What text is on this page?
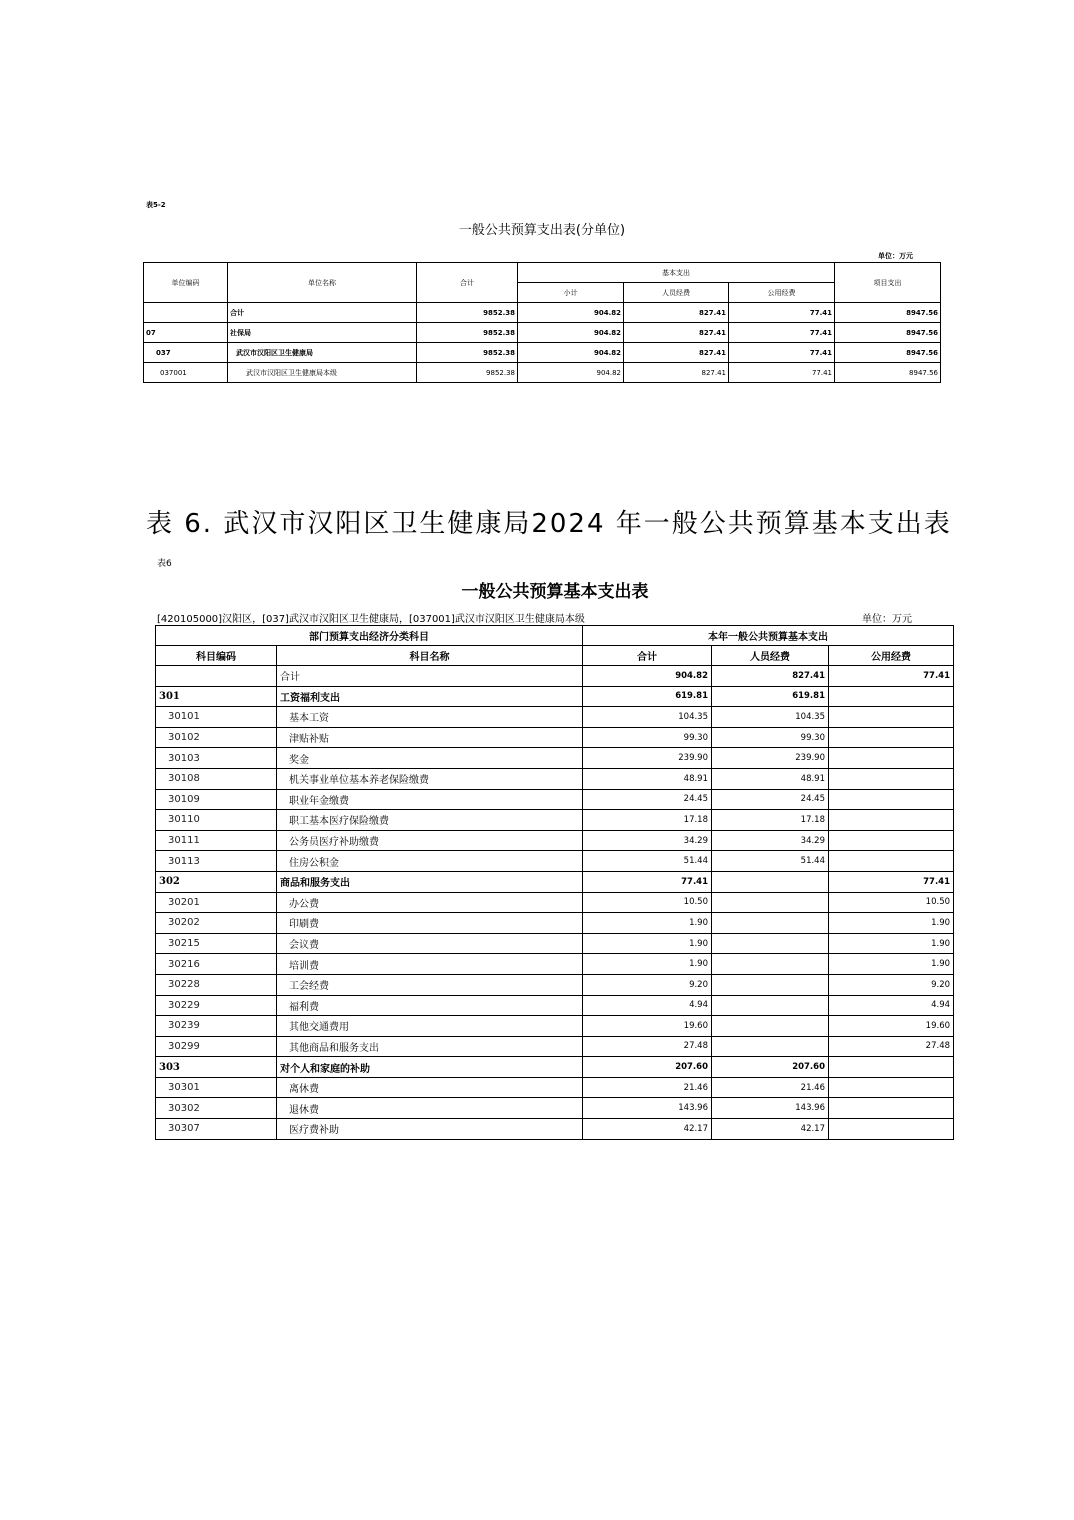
表5-2
一般公共预算支出表(分单位)
单位：万元
单位编码	单位名称	合计	基本支出			项目支出
			小计	人员经费	公用经费	
	合计	9852.38	904.82	827.41	77.41	8947.56
07	社保局	9852.38	904.82	827.41	77.41	8947.56
037	武汉市汉阳区卫生健康局	9852.38	904.82	827.41	77.41	8947.56
037001	武汉市汉阳区卫生健康局本级	9852.38	904.82	827.41	77.41	8947.56
表 6. 武汉市汉阳区卫生健康局2024 年一般公共预算基本支出表
表6
一般公共预算基本支出表
[420105000]汉阳区，[037]武汉市汉阳区卫生健康局，[037001]武汉市汉阳区卫生健康局本级	单位：万元
部门预算支出经济分类科目		本年一般公共预算基本支出		
科目编码	科目名称	合计	人员经费	公用经费
	合计	904.82	827.41	77.41
301	工资福利支出	619.81	619.81	
30101	基本工资	104.35	104.35	
30102	津贴补贴	99.30	99.30	
30103	奖金	239.90	239.90	
30108	机关事业单位基本养老保险缴费	48.91	48.91	
30109	职业年金缴费	24.45	24.45	
30110	职工基本医疗保险缴费	17.18	17.18	
30111	公务员医疗补助缴费	34.29	34.29	
30113	住房公积金	51.44	51.44	
302	商品和服务支出	77.41		77.41
30201	办公费	10.50		10.50
30202	印刷费	1.90		1.90
30215	会议费	1.90		1.90
30216	培训费	1.90		1.90
30228	工会经费	9.20		9.20
30229	福利费	4.94		4.94
30239	其他交通费用	19.60		19.60
30299	其他商品和服务支出	27.48		27.48
303	对个人和家庭的补助	207.60	207.60	
30301	离休费	21.46	21.46	
30302	退休费	143.96	143.96	
30307	医疗费补助	42.17	42.17	
